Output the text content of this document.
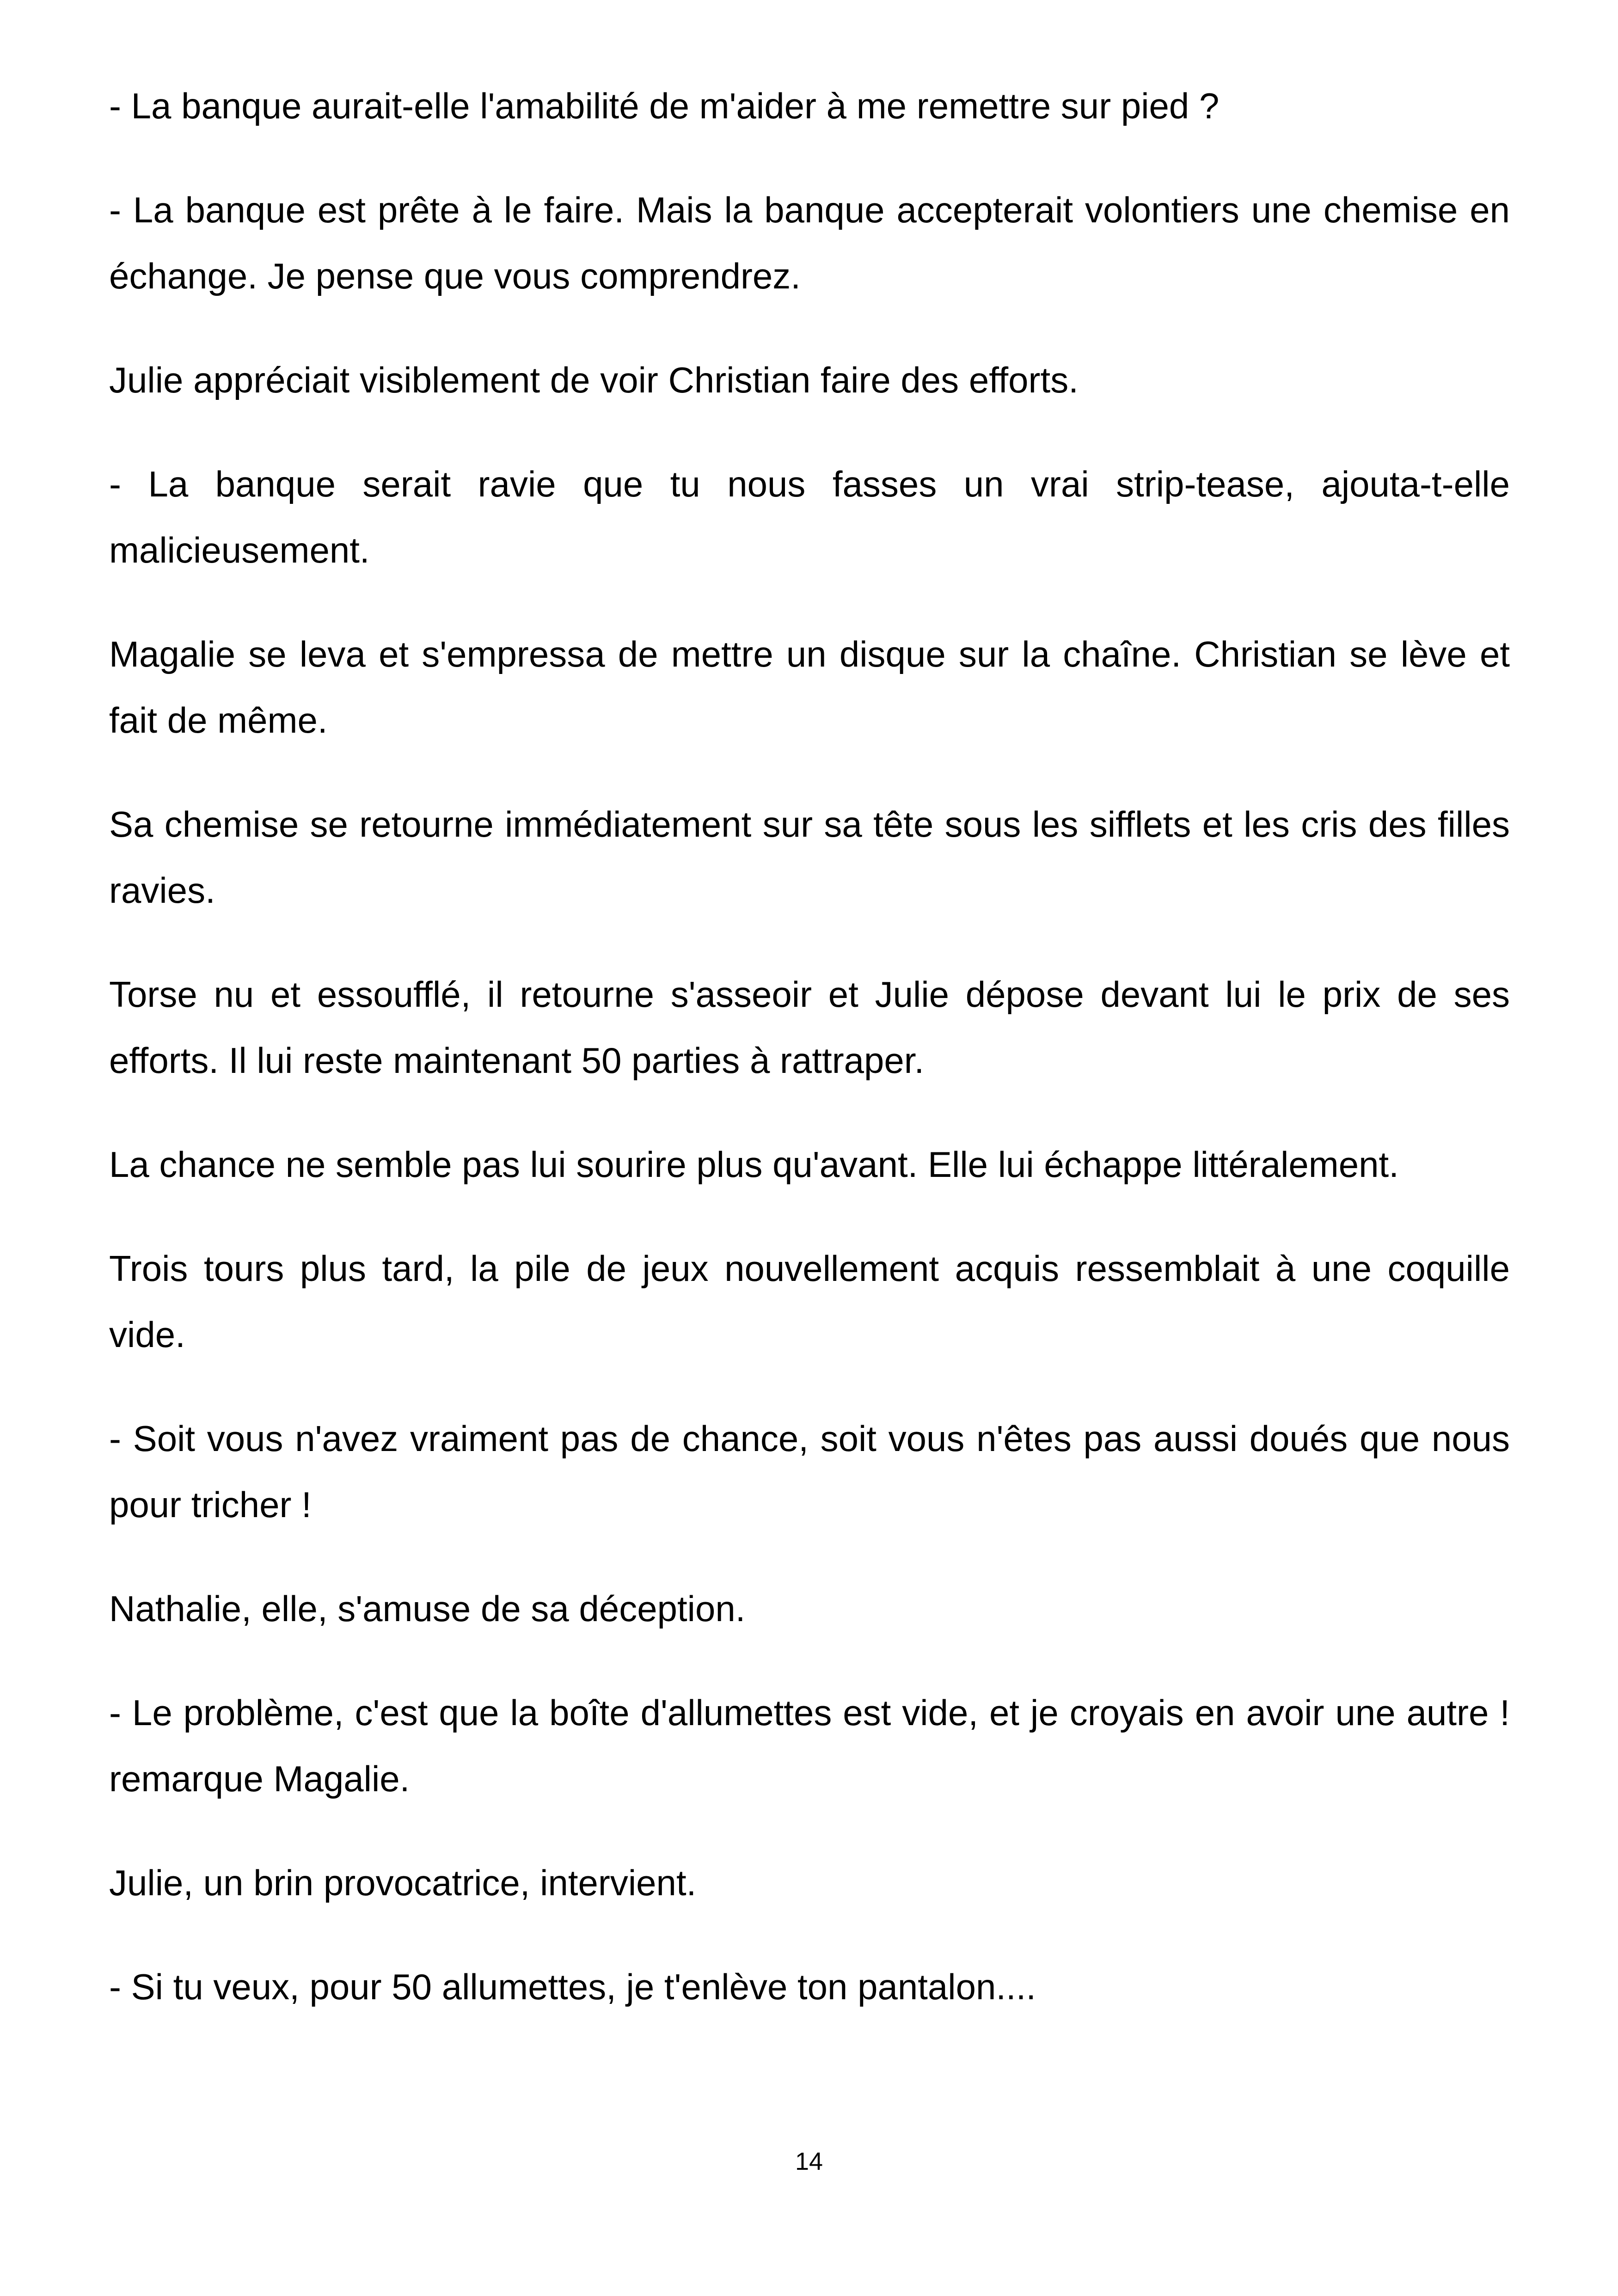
- La banque aurait-elle l'amabilité de m'aider à me remettre sur pied ?

- La banque est prête à le faire. Mais la banque accepterait volontiers une chemise en échange. Je pense que vous comprendrez.

Julie appréciait visiblement de voir Christian faire des efforts.

- La banque serait ravie que tu nous fasses un vrai strip-tease, ajouta-t-elle malicieusement.

Magalie se leva et s'empressa de mettre un disque sur la chaîne. Christian se lève et fait de même.

Sa chemise se retourne immédiatement sur sa tête sous les sifflets et les cris des filles ravies.

Torse nu et essoufflé, il retourne s'asseoir et Julie dépose devant lui le prix de ses efforts. Il lui reste maintenant 50 parties à rattraper.

La chance ne semble pas lui sourire plus qu'avant. Elle lui échappe littéralement.

Trois tours plus tard, la pile de jeux nouvellement acquis ressemblait à une coquille vide.

- Soit vous n'avez vraiment pas de chance, soit vous n'êtes pas aussi doués que nous pour tricher !

Nathalie, elle, s'amuse de sa déception.

- Le problème, c'est que la boîte d'allumettes est vide, et je croyais en avoir une autre ! remarque Magalie.

Julie, un brin provocatrice, intervient.

- Si tu veux, pour 50 allumettes, je t'enlève ton pantalon....

14
